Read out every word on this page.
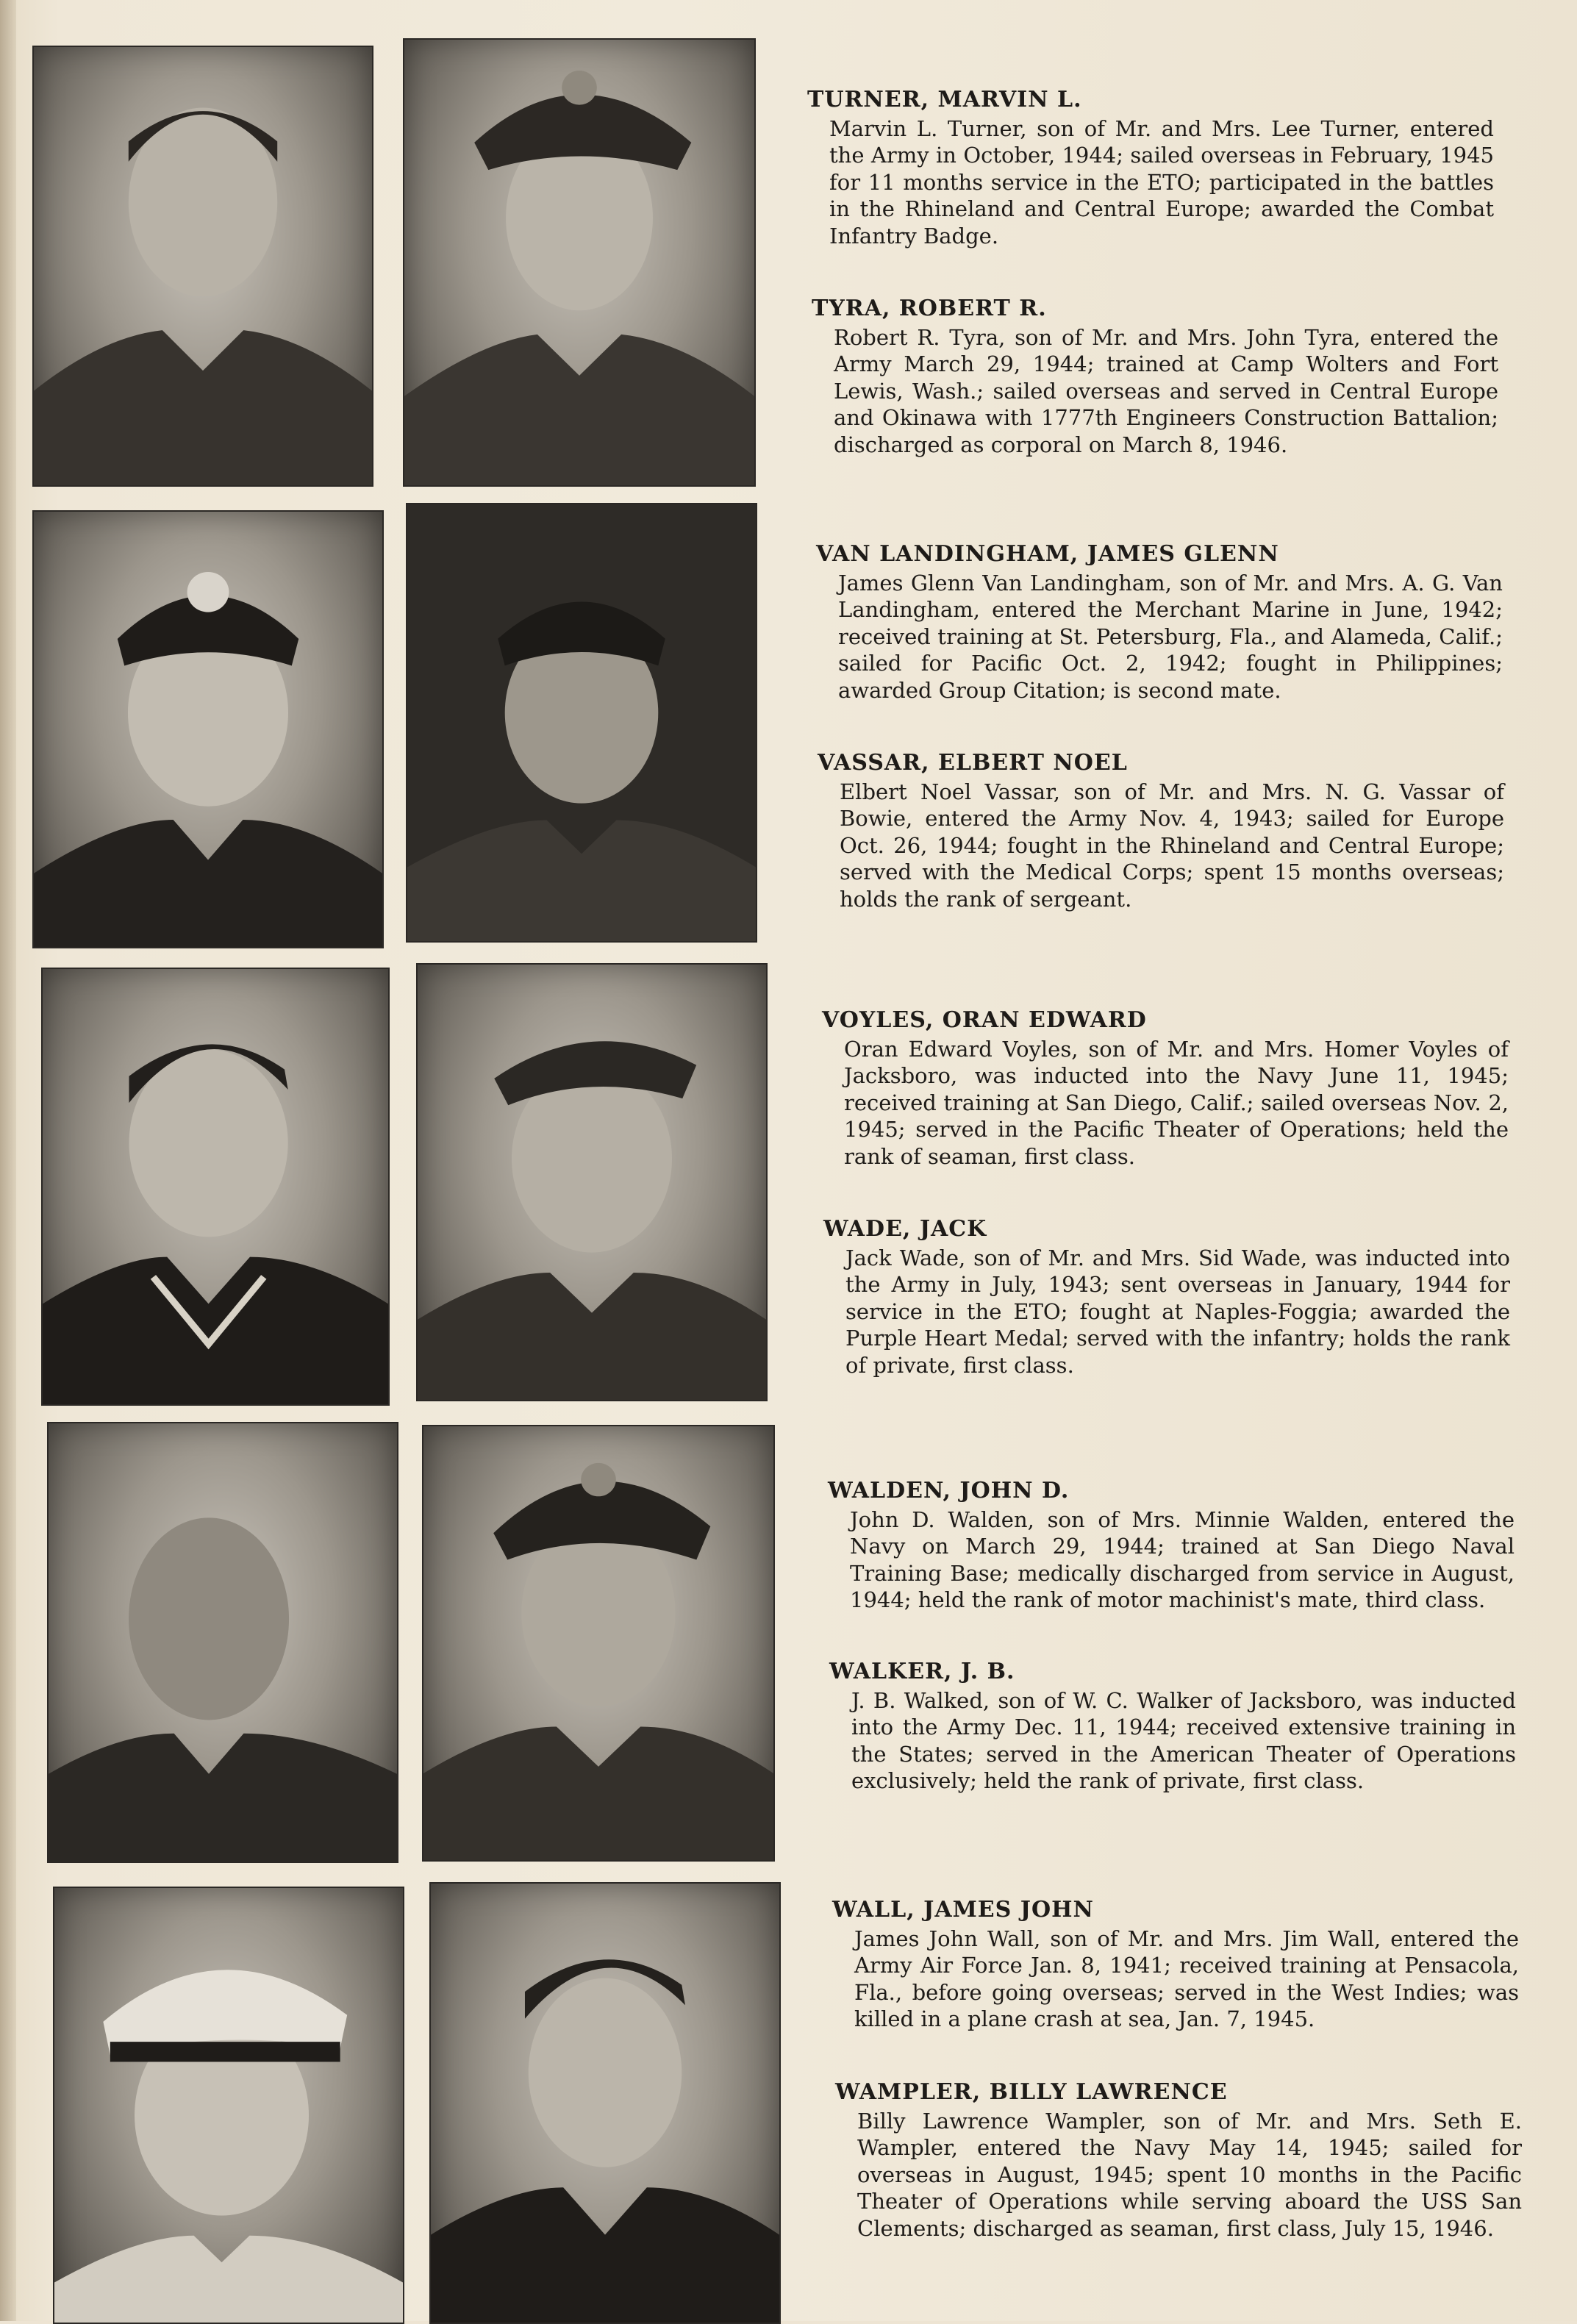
TURNER, MARVIN L.

Marvin L. Turner, son of Mr. and Mrs. Lee Turner, entered the Army in October, 1944; sailed overseas in February, 1945 for 11 months service in the ETO; participated in the battles in the Rhineland and Central Europe; awarded the Combat Infantry Badge.

TYRA, ROBERT R.

Robert R. Tyra, son of Mr. and Mrs. John Tyra, entered the Army March 29, 1944; trained at Camp Wolters and Fort Lewis, Wash.; sailed overseas and served in Central Europe and Okinawa with 1777th Engineers Construction Battalion; discharged as corporal on March 8, 1946.

VAN LANDINGHAM, JAMES GLENN

James Glenn Van Landingham, son of Mr. and Mrs. A. G. Van Landingham, entered the Merchant Marine in June, 1942; received training at St. Petersburg, Fla., and Alameda, Calif.; sailed for Pacific Oct. 2, 1942; fought in Philippines; awarded Group Citation; is second mate.

VASSAR, ELBERT NOEL

Elbert Noel Vassar, son of Mr. and Mrs. N. G. Vassar of Bowie, entered the Army Nov. 4, 1943; sailed for Europe Oct. 26, 1944; fought in the Rhineland and Central Europe; served with the Medical Corps; spent 15 months overseas; holds the rank of sergeant.

VOYLES, ORAN EDWARD

Oran Edward Voyles, son of Mr. and Mrs. Homer Voyles of Jacksboro, was inducted into the Navy June 11, 1945; received training at San Diego, Calif.; sailed overseas Nov. 2, 1945; served in the Pacific Theater of Operations; held the rank of seaman, first class.

WADE, JACK

Jack Wade, son of Mr. and Mrs. Sid Wade, was inducted into the Army in July, 1943; sent overseas in January, 1944 for service in the ETO; fought at Naples-Foggia; awarded the Purple Heart Medal; served with the infantry; holds the rank of private, first class.

WALDEN, JOHN D.

John D. Walden, son of Mrs. Minnie Walden, entered the Navy on March 29, 1944; trained at San Diego Naval Training Base; medically discharged from service in August, 1944; held the rank of motor machinist's mate, third class.

WALKER, J. B.

J. B. Walked, son of W. C. Walker of Jacksboro, was inducted into the Army Dec. 11, 1944; received extensive training in the States; served in the American Theater of Operations exclusively; held the rank of private, first class.

WALL, JAMES JOHN

James John Wall, son of Mr. and Mrs. Jim Wall, entered the Army Air Force Jan. 8, 1941; received training at Pensacola, Fla., before going overseas; served in the West Indies; was killed in a plane crash at sea, Jan. 7, 1945.

WAMPLER, BILLY LAWRENCE

Billy Lawrence Wampler, son of Mr. and Mrs. Seth E. Wampler, entered the Navy May 14, 1945; sailed for overseas in August, 1945; spent 10 months in the Pacific Theater of Operations while serving aboard the USS San Clements; discharged as seaman, first class, July 15, 1946.
